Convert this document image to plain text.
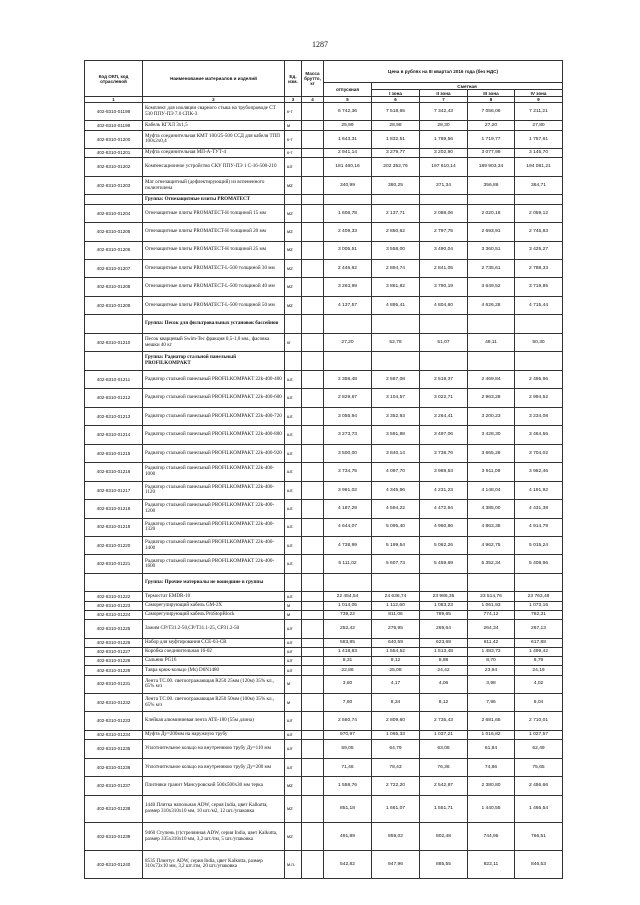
1287
Код ОКП, код отраслевой	Наименование материалов и изделий	Ед. изм.	Масса брутто, кг	Цена в рублях на III квартал 2016 года (без НДС)				
				отпускная	Сметная			
					I зона	II зона	III зона	IV зона
1	2	3	4	5	6	7	8	9
402-8310-01198	Комплект для изоляции сварного стыка на трубопроводе СТ 530 ППУ-ПЭ 7.0 СПК-3	к-т		6 742,36	7 518,65	7 342,43	7 056,06	7 211,21
402-8310-01199	Кабель КГХЛ 3х1,5	м		25,99	28,98	28,30	27,20	27,80
402-8310-01200	Муфта соединительная КМТ 100/25-500 ССД для кабеля ТПП 100х2х0,4	к-т		1 643,31	1 832,51	1 789,56	1 719,77	1 757,61
402-8310-01201	Муфта соединительная МП-А-ТУТ-4	к-т		2 941,14	3 279,77	3 202,90	3 077,99	3 145,70
402-8310-01202	Компенсационное устройство СКУ ППУ-ПЭ 1 С-16-500-210	шт		181 460,16	202 352,76	197 610,14	189 903,34	194 081,21
402-8310-01203	Мат огнезащитный (дефлектирующий) из вспененного полиэтилена	м2		340,99	380,25	371,34	356,86	364,71
	Группа: Огнезащитные плиты PROMATECT							
402-8310-01204	Огнезащитные плиты PROMATECT-H толщиной 15 мм	м2		1 606,78	2 137,71	2 088,06	2 020,16	2 059,12
402-8310-01205	Огнезащитные плиты PROMATECT-H толщиной 20 мм	м2		2 409,33	2 850,62	2 797,75	2 693,91	2 745,83
402-8310-01206	Огнезащитные плиты PROMATECT-H толщиной 25 мм	м2		3 005,51	3 558,00	3 490,04	3 360,51	3 425,27
402-8310-01207	Огнезащитные плиты PROMATECT-L-500 толщиной 30 мм	м2		2 446,62	2 894,74	2 841,05	2 735,61	2 788,33
402-8310-01208	Огнезащитные плиты PROMATECT-L-500 толщиной 40 мм	м2		3 263,99	3 861,82	3 790,19	3 649,52	3 719,85
402-8310-01209	Огнезащитные плиты PROMATECT-L-500 толщиной 50 мм	м2		4 137,57	4 895,41	4 804,60	4 626,28	4 715,44
	Группа: Песок для фильтровальных установок бассейнов							
402-8310-01210	Песок кварцевый Swim-Tec фракция 0,5-1,0 мм., фасовка мешки 40 кг	кг		27,20	52,78	51,07	49,11	50,30
	Группа: Радиатор стальной панельный PROFILKOMPAKT							
402-8310-01211	Радиатор стальной панельный PROFILKOMPAKT 22k-400-400	шт.		2 358,48	2 587,08	2 519,37	2 469,84	2 495,96
402-8310-01212	Радиатор стальной панельный PROFILKOMPAKT 22k-400-600	шт.		2 829,67	3 104,57	3 022,71	2 963,28	2 994,52
402-8310-01213	Радиатор стальной панельный PROFILKOMPAKT 22k-400-720	шт.		3 055,94	3 352,93	3 264,41	3 200,23	3 234,08
402-8310-01214	Радиатор стальной панельный PROFILKOMPAKT 22k-400-800	шт.		3 273,73	3 591,88	3 497,06	3 428,30	3 464,56
402-8310-01215	Радиатор стальной панельный PROFILKOMPAKT 22k-400-920	шт.		3 500,00	3 840,14	3 738,76	3 665,26	3 704,02
402-8310-01216	Радиатор стальной панельный PROFILKOMPAKT 22k-400-1000	шт.		3 734,75	4 097,70	3 989,53	3 911,09	3 952,46
402-8310-01217	Радиатор стальной панельный PROFILKOMPAKT 22k-400-1120	шт.		3 961,02	4 345,96	4 231,23	4 148,04	4 191,92
402-8310-01218	Радиатор стальной панельный PROFILKOMPAKT 22k-400-1200	шт.		4 187,29	4 594,22	4 472,94	4 385,00	4 431,38
402-8310-01219	Радиатор стальной панельный PROFILKOMPAKT 22k-400-1320	шт.		4 644,07	5 095,40	4 960,86	4 863,35	4 914,79
402-8310-01220	Радиатор стальной панельный PROFILKOMPAKT 22k-400-1400	шт.		4 738,99	5 199,54	5 062,26	4 962,75	5 015,24
402-8310-01221	Радиатор стальной панельный PROFILKOMPAKT 22k-400-1600	шт.		5 111,02	5 607,73	5 459,69	5 352,34	5 408,96
	Группа: Прочие материалы не вошедшие в группы							
402-8310-01222	Термостат EMDR-10	шт.		22 454,54	24 636,74	23 986,35	23 514,76	23 763,48
402-8310-01223	Саморегулирующий кабель GM-2X	м		1 014,05	1 112,60	1 083,23	1 061,93	1 073,16
402-8310-01224	Саморегулирующий кабель ProStopBlock	м		739,22	811,06	789,65	774,12	782,31
402-8310-01225	Зажим СР/Т31.2-50,СР/Т31.1-25, СР31.2-50	шт		252,42	276,95	269,64	264,34	267,13
402-8310-01226	Набор для муфтирования ССЕ-03-CR	шт		583,85	640,59	623,68	611,42	617,88
402-8310-01227	Коробка соединительная 16-02	шт		1 418,83	1 554,52	1 513,48	1 483,73	1 499,42
402-8310-01228	Сальник PG16	шт		8,31	9,12	8,88	8,70	8,79
402-8310-01229	Тавра крюк-кольцо (Ms) D6N1480	шт		22,86	25,08	24,42	23,94	24,19
402-8310-01231	Лента ТС.00. светоотражающая R250 25мм (120м) 35% кл., 65% м/з	м		3,60	4,17	4,06	3,98	4,02
402-8310-01232	Лента ТС.00. светоотражающая R250 50мм (100м) 35% кл., 65% м/з	м		7,60	8,34	8,12	7,96	8,04
402-8310-01233	Клейкая алюминиевая лента ATE-180 (55м длина)	шт		2 560,74	2 809,60	2 735,43	2 681,65	2 710,01
402-8310-01234	Муфта Ду=200мм на наружную трубу	шт		970,97	1 065,33	1 037,21	1 016,82	1 027,57
402-8310-01235	Уплотнительное кольцо на внутреннюю трубу Ду=110 мм	шт		59,05	64,79	63,08	61,84	62,49
402-8310-01236	Уплотнительное кольцо на внутреннюю трубу Ду=200 мм	шт		71,46	78,43	76,36	74,86	75,65
402-8310-01237	Плитняки гранит Мансуровский 500х500х30 мм терка	м2		1 558,76	2 722,20	2 542,97	2 380,80	2 456,66
402-8310-01238	1440 Плитка напольная ADW, серия India, цвет Kalkutta, размер 310х310х10 мм, 10 шт./м2, 12 шт./упаковка	м2		851,18	1 661,07	1 551,71	1 440,55	1 466,54
402-8310-01239	9460 Ступень (г)стрелянная ADW, серия India, цвет Kalkutta, размер 335х310х10 мм, 3,2 шт./пм, 5 шт./упаковка	м2		491,89	859,02	802,48	744,95	766,51
402-8310-01240	8535 Плинтус ADW, серия India, цвет Kalkutta, размер 310х73х10 мм, 3,2 шт./пм, 20 шт./упаковка	м.п.		542,82	947,96	885,55	822,11	846,53
